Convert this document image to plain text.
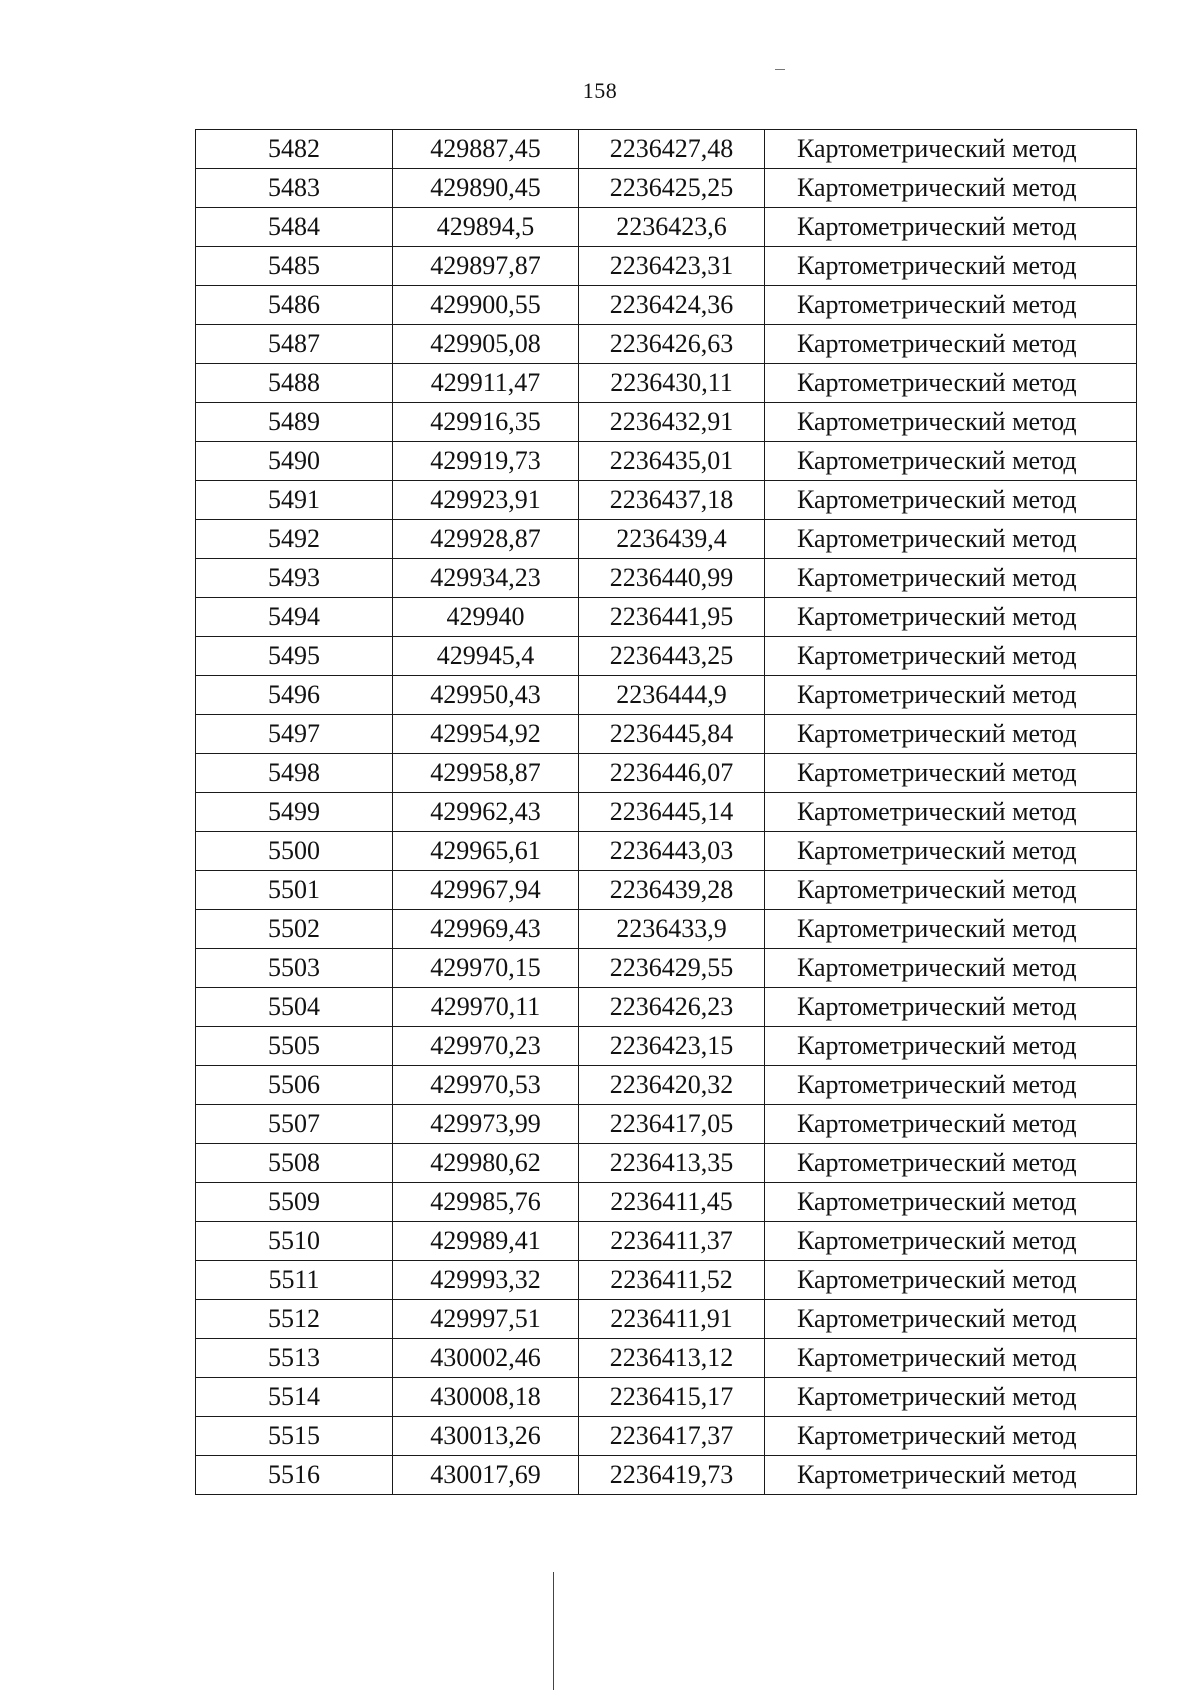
158
5482	429887,45	2236427,48	Картометрический метод
5483	429890,45	2236425,25	Картометрический метод
5484	429894,5	2236423,6	Картометрический метод
5485	429897,87	2236423,31	Картометрический метод
5486	429900,55	2236424,36	Картометрический метод
5487	429905,08	2236426,63	Картометрический метод
5488	429911,47	2236430,11	Картометрический метод
5489	429916,35	2236432,91	Картометрический метод
5490	429919,73	2236435,01	Картометрический метод
5491	429923,91	2236437,18	Картометрический метод
5492	429928,87	2236439,4	Картометрический метод
5493	429934,23	2236440,99	Картометрический метод
5494	429940	2236441,95	Картометрический метод
5495	429945,4	2236443,25	Картометрический метод
5496	429950,43	2236444,9	Картометрический метод
5497	429954,92	2236445,84	Картометрический метод
5498	429958,87	2236446,07	Картометрический метод
5499	429962,43	2236445,14	Картометрический метод
5500	429965,61	2236443,03	Картометрический метод
5501	429967,94	2236439,28	Картометрический метод
5502	429969,43	2236433,9	Картометрический метод
5503	429970,15	2236429,55	Картометрический метод
5504	429970,11	2236426,23	Картометрический метод
5505	429970,23	2236423,15	Картометрический метод
5506	429970,53	2236420,32	Картометрический метод
5507	429973,99	2236417,05	Картометрический метод
5508	429980,62	2236413,35	Картометрический метод
5509	429985,76	2236411,45	Картометрический метод
5510	429989,41	2236411,37	Картометрический метод
5511	429993,32	2236411,52	Картометрический метод
5512	429997,51	2236411,91	Картометрический метод
5513	430002,46	2236413,12	Картометрический метод
5514	430008,18	2236415,17	Картометрический метод
5515	430013,26	2236417,37	Картометрический метод
5516	430017,69	2236419,73	Картометрический метод
